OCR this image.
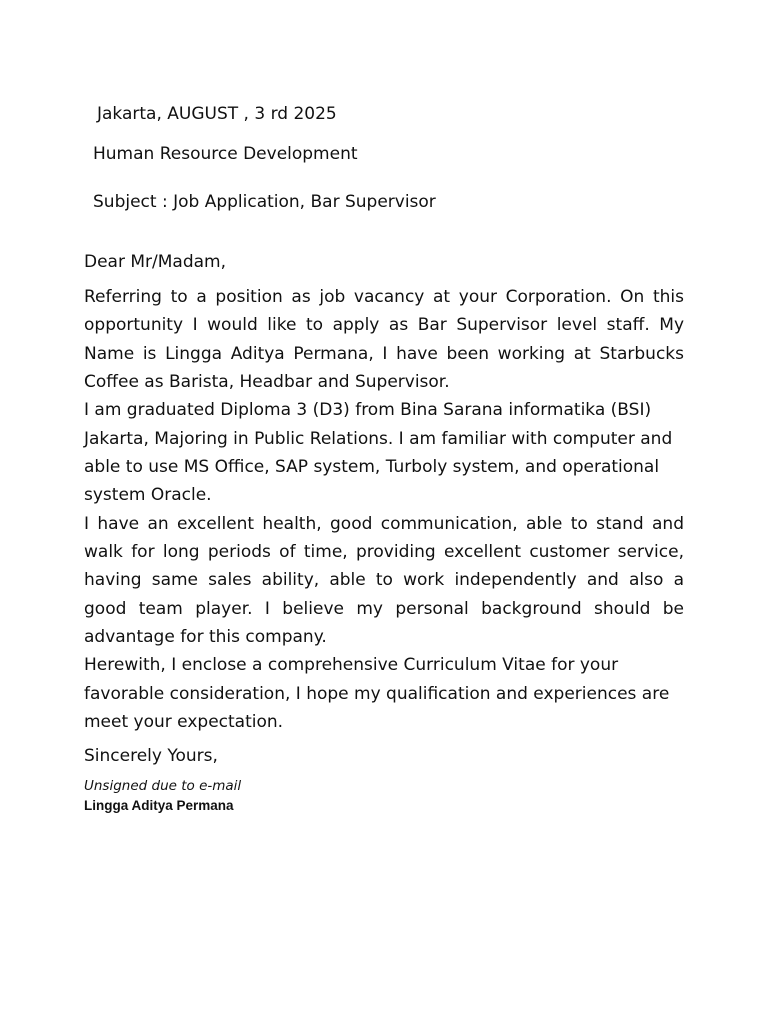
Jakarta, AUGUST , 3 rd 2025

Human Resource Development

Subject : Job Application, Bar Supervisor

Dear Mr/Madam,

Referring to a position as job vacancy at your Corporation. On this opportunity I would like to apply as Bar Supervisor level staff. My Name is Lingga Aditya Permana, I have been working at Starbucks Coffee as Barista, Headbar and Supervisor.

I am graduated Diploma 3 (D3) from Bina Sarana informatika (BSI) Jakarta, Majoring in Public Relations. I am familiar with computer and able to use MS Office, SAP system, Turboly system, and operational system Oracle.

I have an excellent health, good communication, able to stand and walk for long periods of time, providing excellent customer service, having same sales ability, able to work independently and also a good team player. I believe my personal background should be advantage for this company.

Herewith, I enclose a comprehensive Curriculum Vitae for your favorable consideration, I hope my qualification and experiences are meet your expectation.

Sincerely Yours,

Unsigned due to e-mail

Lingga Aditya Permana
